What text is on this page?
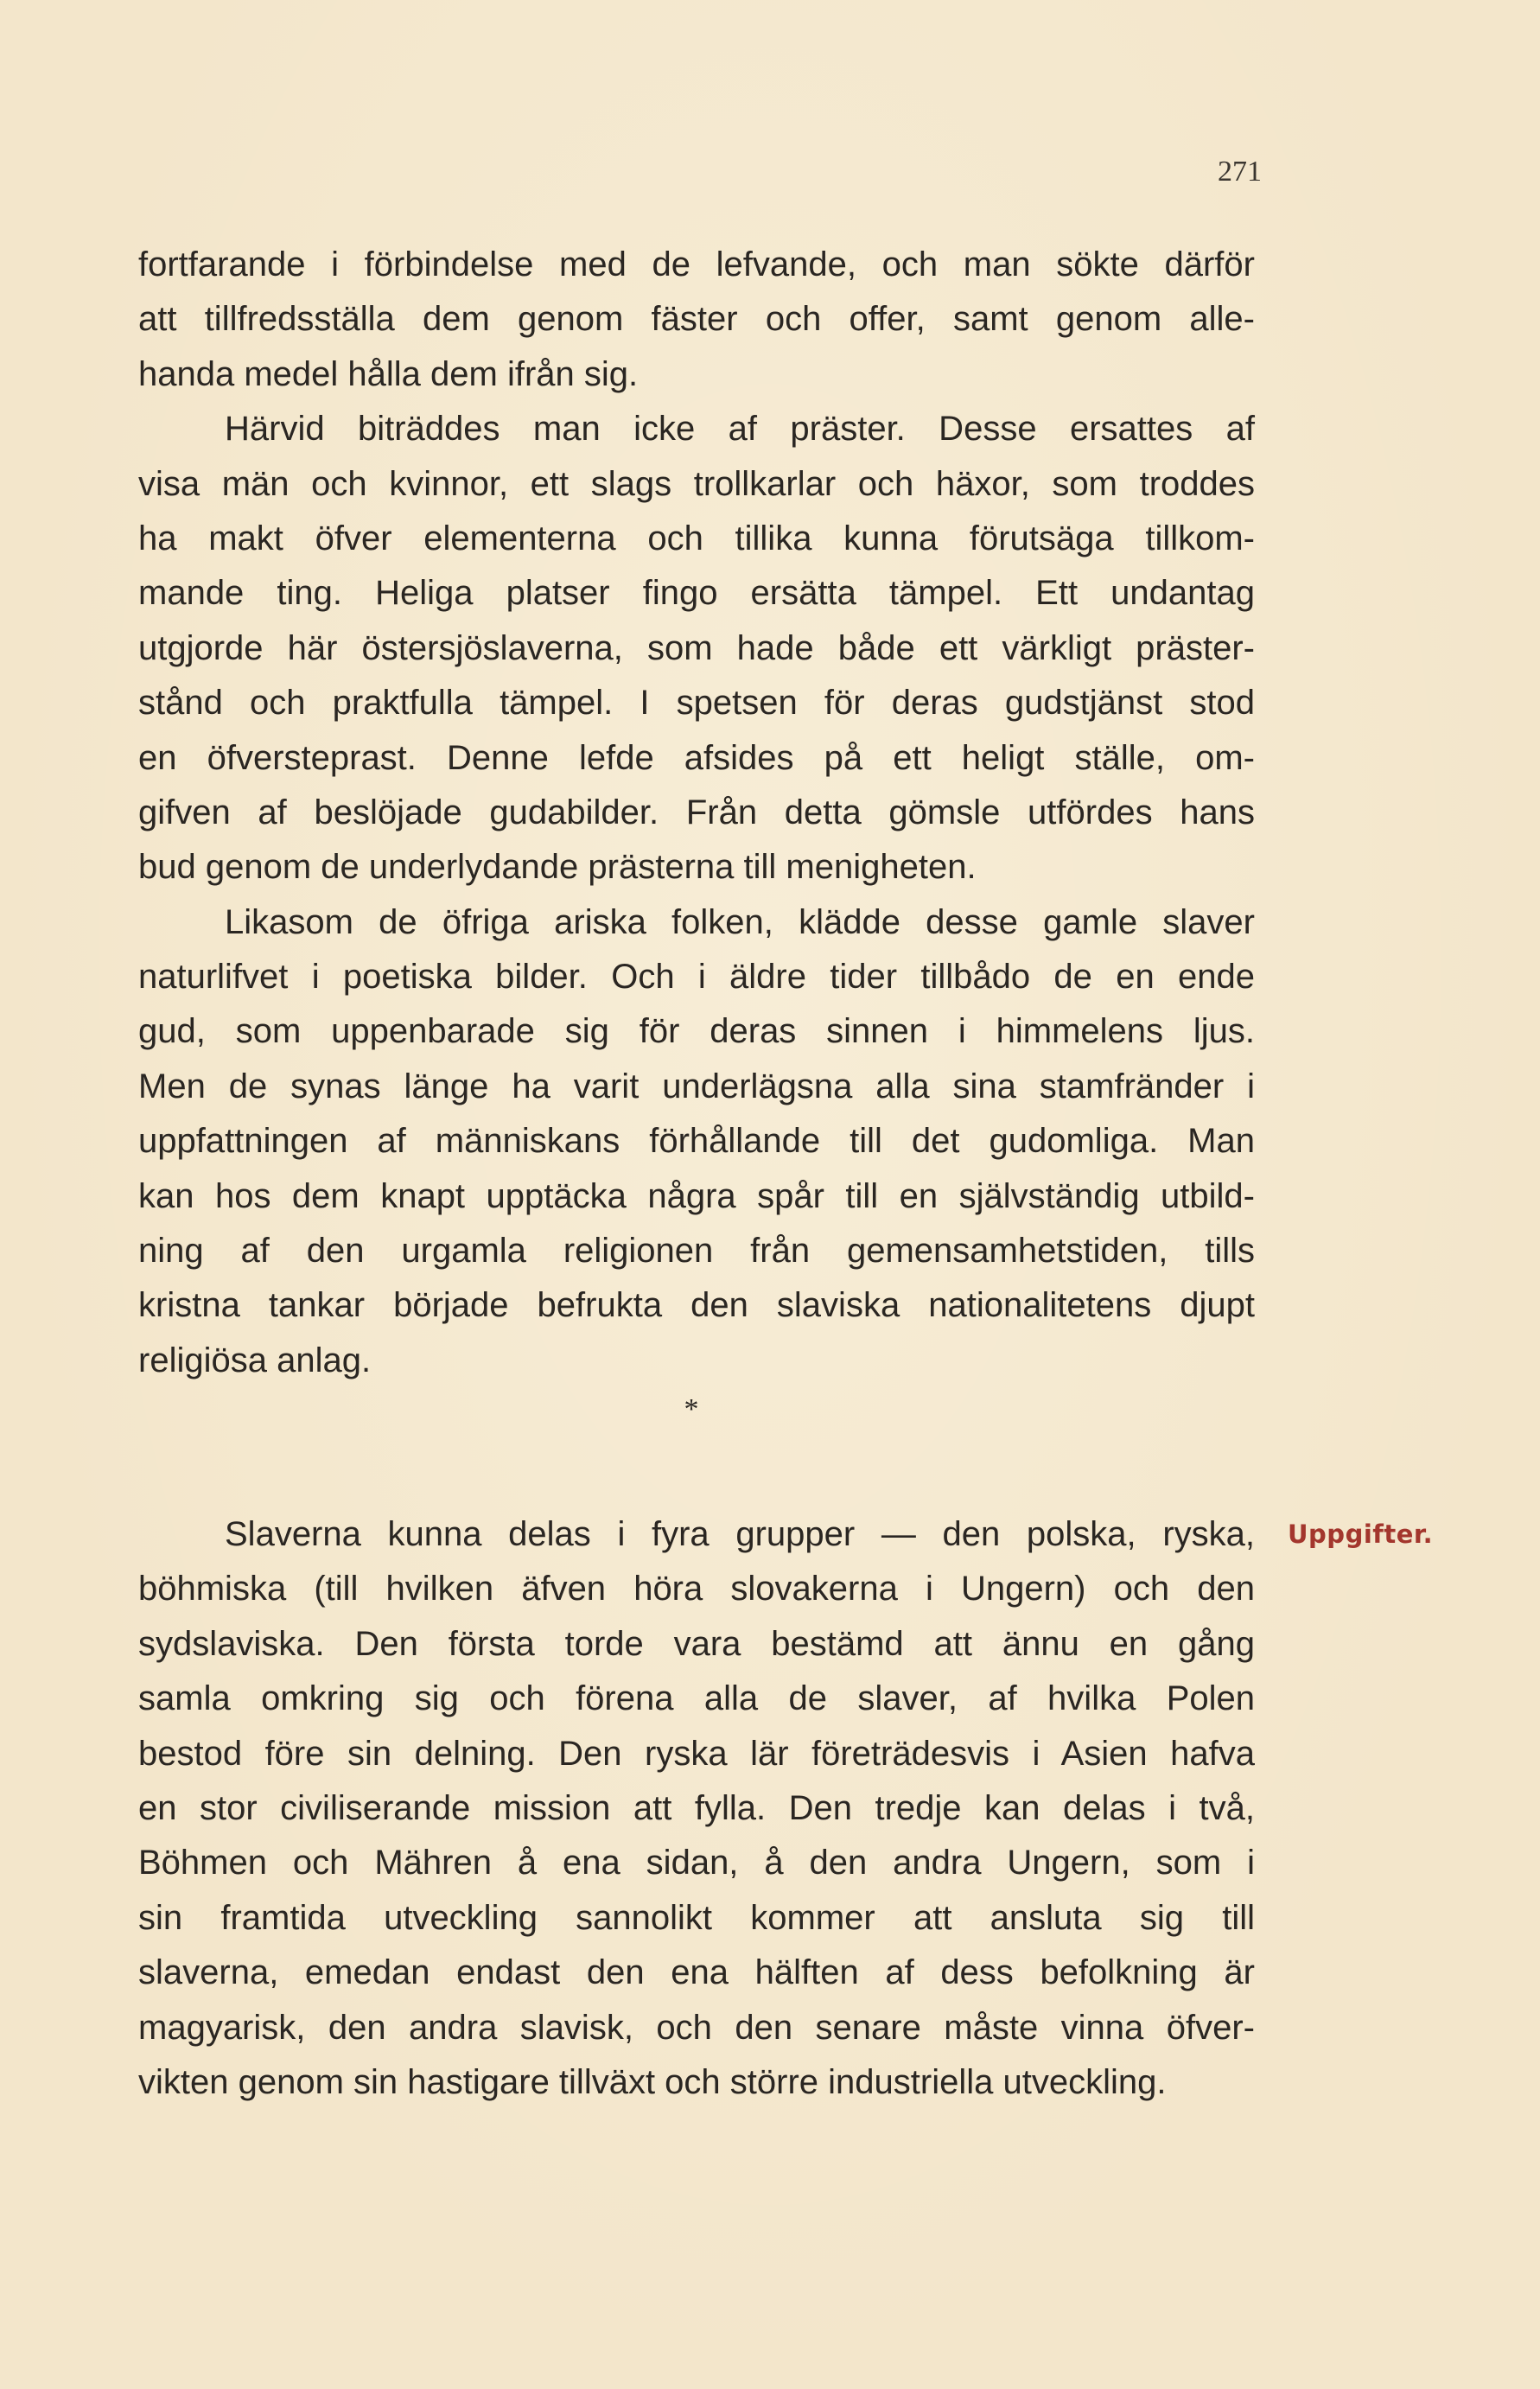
271
fortfarande i förbindelse med de lefvande, och man sökte därför
att tillfredsställa dem genom fäster och offer, samt genom alle-
handa medel hålla dem ifrån sig.
Härvid biträddes man icke af präster. Desse ersattes af
visa män och kvinnor, ett slags trollkarlar och häxor, som troddes
ha makt öfver elementerna och tillika kunna förutsäga tillkom-
mande ting. Heliga platser fingo ersätta tämpel. Ett undantag
utgjorde här östersjöslaverna, som hade både ett värkligt präster-
stånd och praktfulla tämpel. I spetsen för deras gudstjänst stod
en öfversteprast. Denne lefde afsides på ett heligt ställe, om-
gifven af beslöjade gudabilder. Från detta gömsle utfördes hans
bud genom de underlydande prästerna till menigheten.
Likasom de öfriga ariska folken, klädde desse gamle slaver
naturlifvet i poetiska bilder. Och i äldre tider tillbådo de en ende
gud, som uppenbarade sig för deras sinnen i himmelens ljus.
Men de synas länge ha varit underlägsna alla sina stamfränder i
uppfattningen af människans förhållande till det gudomliga. Man
kan hos dem knapt upptäcka några spår till en självständig utbild-
ning af den urgamla religionen från gemensamhetstiden, tills
kristna tankar började befrukta den slaviska nationalitetens djupt
religiösa anlag.
*
Slaverna kunna delas i fyra grupper — den polska, ryska,
böhmiska (till hvilken äfven höra slovakerna i Ungern) och den
sydslaviska. Den första torde vara bestämd att ännu en gång
samla omkring sig och förena alla de slaver, af hvilka Polen
bestod före sin delning. Den ryska lär företrädesvis i Asien hafva
en stor civiliserande mission att fylla. Den tredje kan delas i två,
Böhmen och Mähren å ena sidan, å den andra Ungern, som i
sin framtida utveckling sannolikt kommer att ansluta sig till
slaverna, emedan endast den ena hälften af dess befolkning är
magyarisk, den andra slavisk, och den senare måste vinna öfver-
vikten genom sin hastigare tillväxt och större industriella utveckling.
Uppgifter.
